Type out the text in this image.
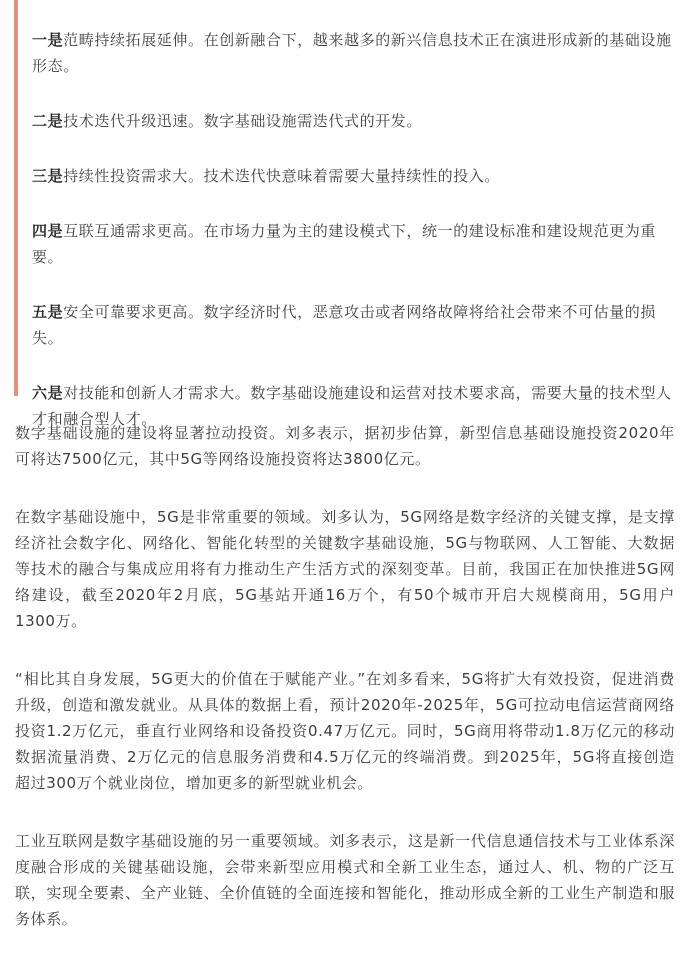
一是范畴持续拓展延伸。在创新融合下，越来越多的新兴信息技术正在演进形成新的基础设施形态。
二是技术迭代升级迅速。数字基础设施需迭代式的开发。
三是持续性投资需求大。技术迭代快意味着需要大量持续性的投入。
四是互联互通需求更高。在市场力量为主的建设模式下，统一的建设标准和建设规范更为重要。
五是安全可靠要求更高。数字经济时代，恶意攻击或者网络故障将给社会带来不可估量的损失。
六是对技能和创新人才需求大。数字基础设施建设和运营对技术要求高，需要大量的技术型人才和融合型人才。

数字基础设施的建设将显著拉动投资。刘多表示，据初步估算，新型信息基础设施投资2020年可将达7500亿元，其中5G等网络设施投资将达3800亿元。

在数字基础设施中，5G是非常重要的领域。刘多认为，5G网络是数字经济的关键支撑，是支撑经济社会数字化、网络化、智能化转型的关键数字基础设施，5G与物联网、人工智能、大数据等技术的融合与集成应用将有力推动生产生活方式的深刻变革。目前，我国正在加快推进5G网络建设，截至2020年2月底，5G基站开通16万个，有50个城市开启大规模商用，5G用户1300万。

“相比其自身发展，5G更大的价值在于赋能产业。”在刘多看来，5G将扩大有效投资，促进消费升级，创造和激发就业。从具体的数据上看，预计2020年-2025年，5G可拉动电信运营商网络投资1.2万亿元，垂直行业网络和设备投资0.47万亿元。同时，5G商用将带动1.8万亿元的移动数据流量消费、2万亿元的信息服务消费和4.5万亿元的终端消费。到2025年，5G将直接创造超过300万个就业岗位，增加更多的新型就业机会。

工业互联网是数字基础设施的另一重要领域。刘多表示，这是新一代信息通信技术与工业体系深度融合形成的关键基础设施，会带来新型应用模式和全新工业生态，通过人、机、物的广泛互联，实现全要素、全产业链、全价值链的全面连接和智能化，推动形成全新的工业生产制造和服务体系。
